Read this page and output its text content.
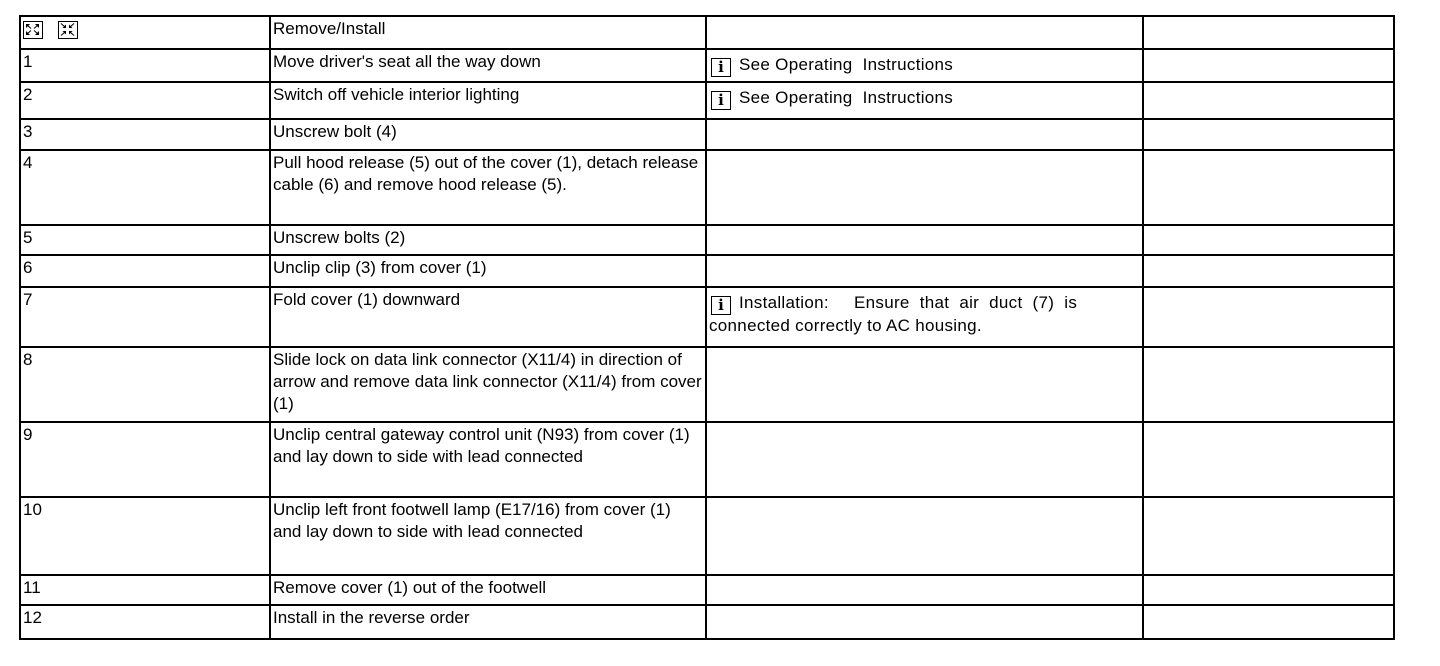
	Remove/Install		
1	Move driver's seat all the way down	i See Operating  Instructions	
2	Switch off vehicle interior lighting	i See Operating  Instructions	
3	Unscrew bolt (4)		
4	Pull hood release (5) out of the cover (1), detach release cable (6) and remove hood release (5).		
5	Unscrew bolts (2)		
6	Unclip clip (3) from cover (1)		
7	Fold cover (1) downward	i Installation:     Ensure  that  air  duct  (7)  is connected correctly to AC housing.	
8	Slide lock on data link connector (X11/4) in direction of arrow and remove data link connector (X11/4) from cover (1)		
9	Unclip central gateway control unit (N93) from cover (1) and lay down to side with lead connected		
10	Unclip left front footwell lamp (E17/16) from cover (1) and lay down to side with lead connected		
11	Remove cover (1) out of the footwell		
12	Install in the reverse order		
